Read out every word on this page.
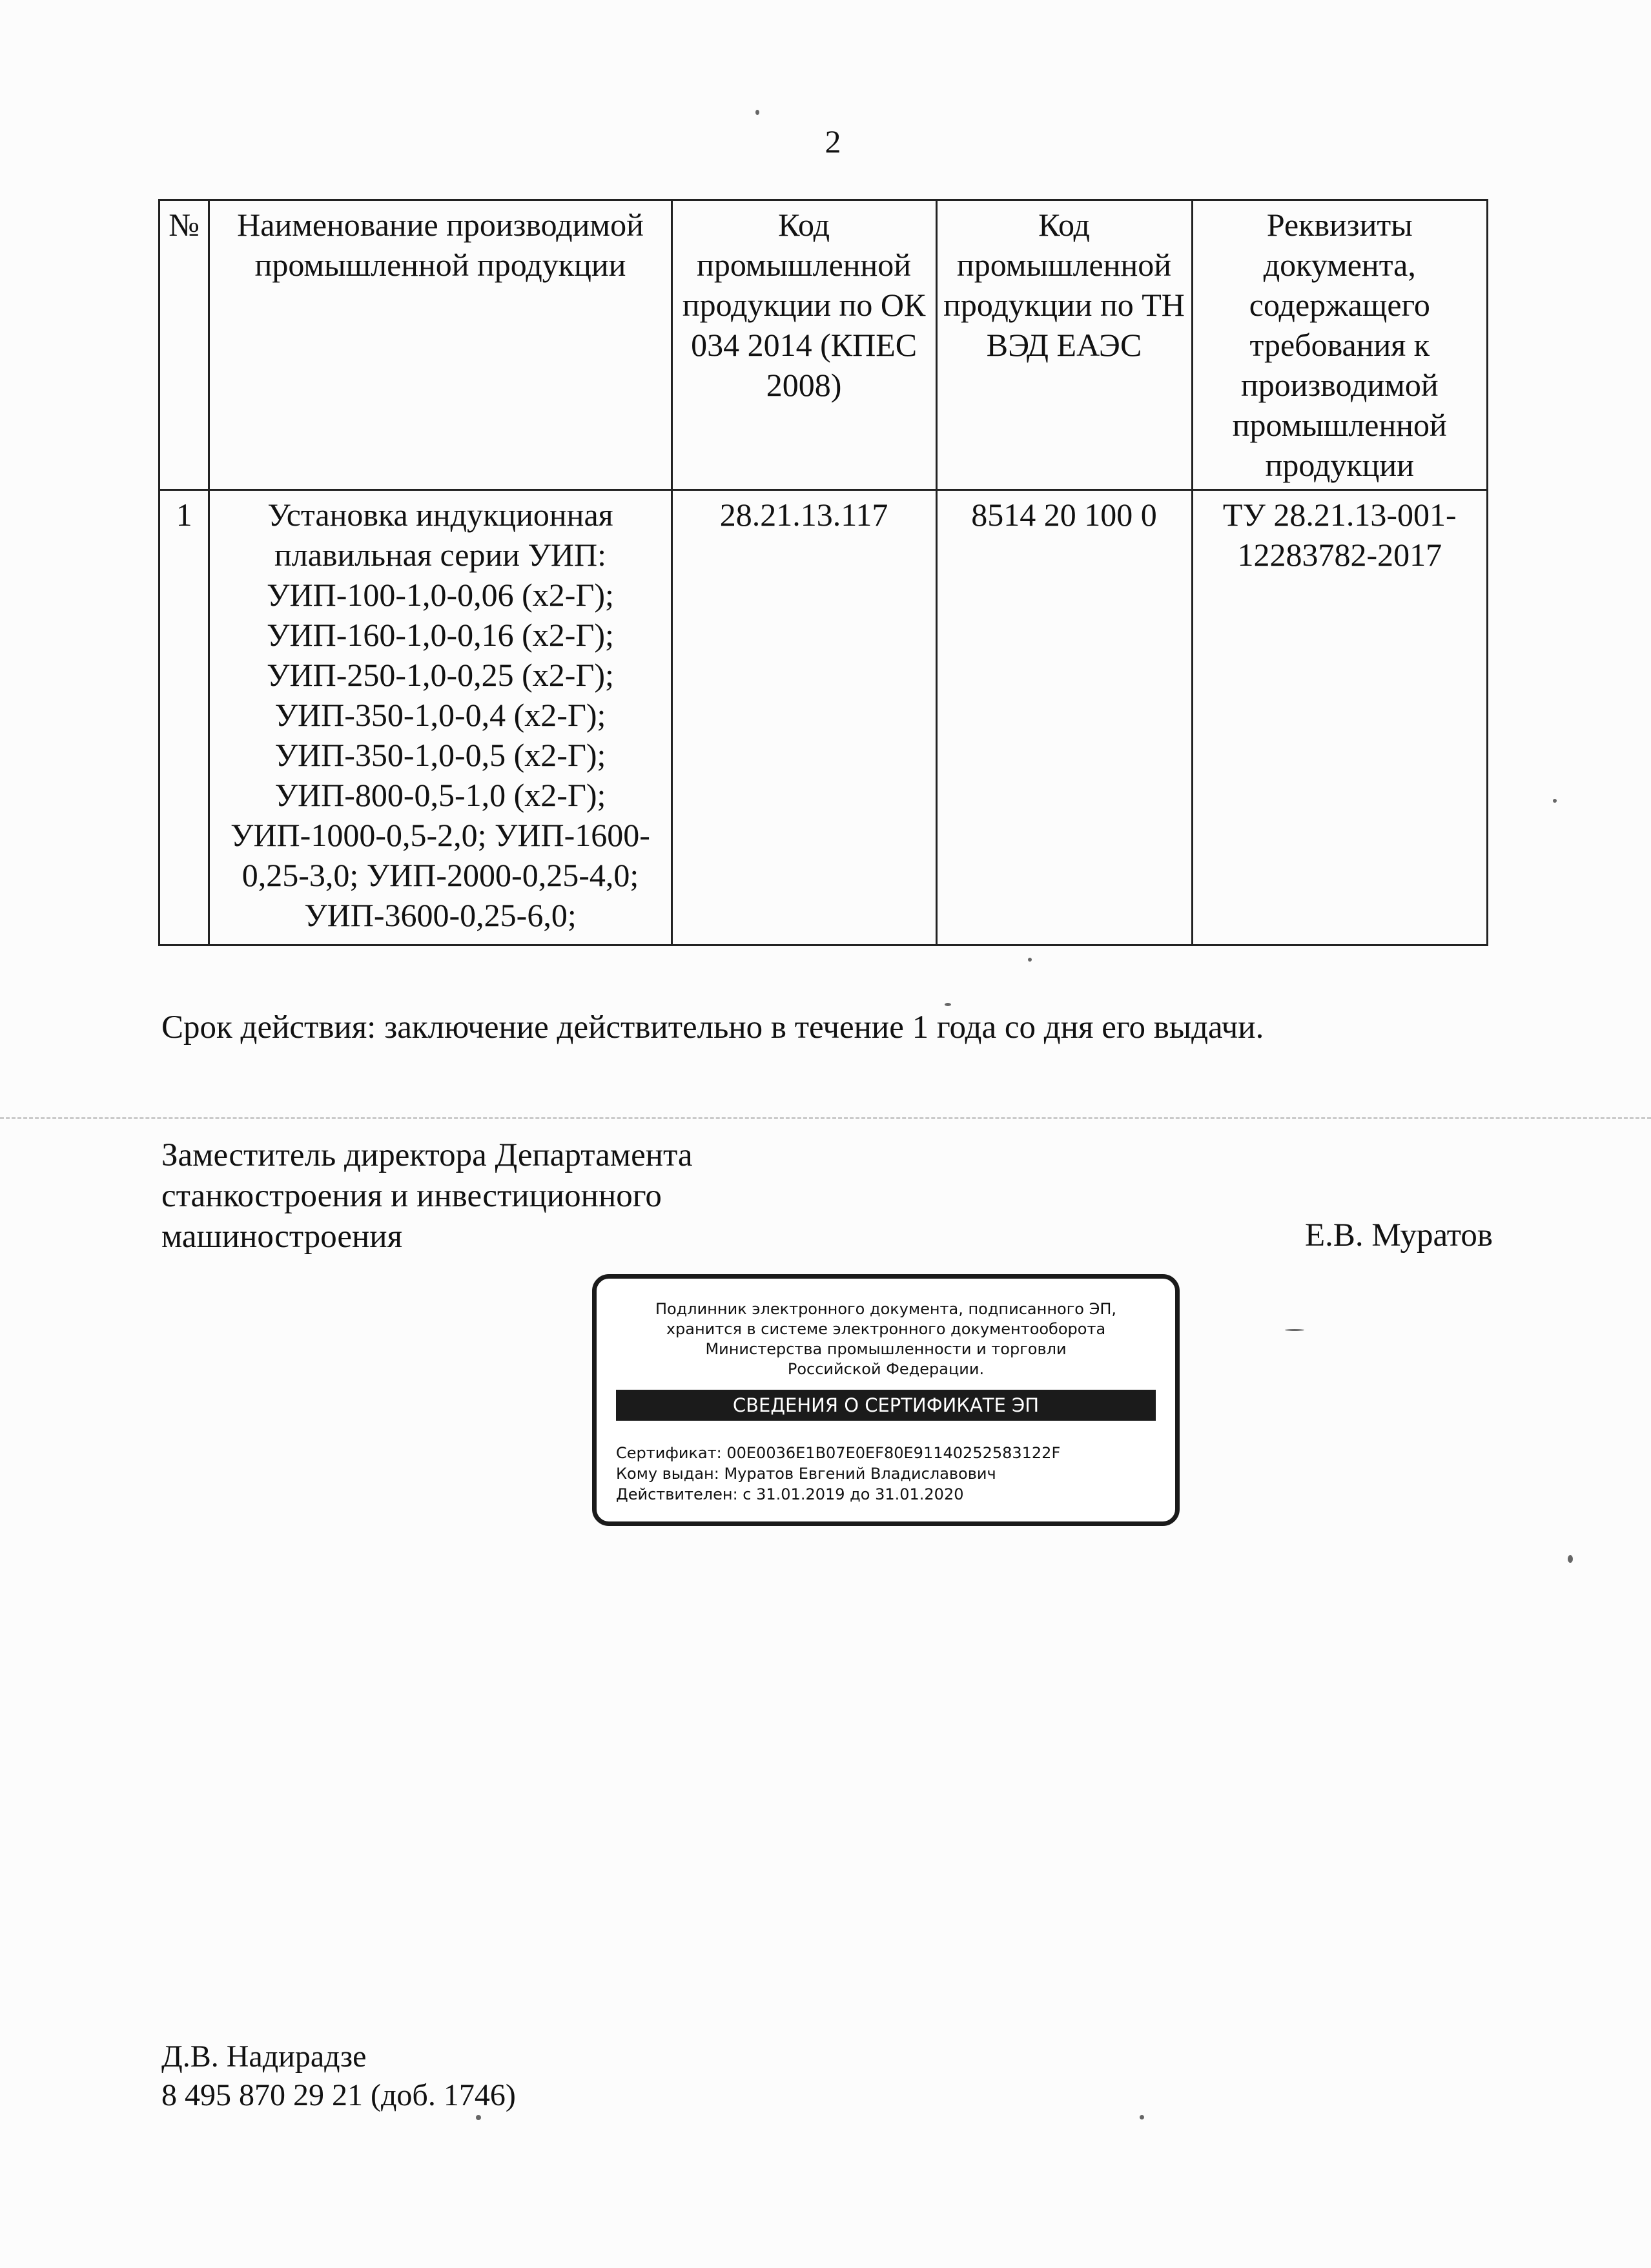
2
№	Наименование производимой промышленной продукции	Код промышленной продукции по ОК 034 2014 (КПЕС 2008)	Код промышленной продукции по ТН ВЭД ЕАЭС	Реквизиты документа, содержащего требования к производимой промышленной продукции
1	Установка индукционная плавильная серии УИП: УИП-100-1,0-0,06 (х2-Г); УИП-160-1,0-0,16 (х2-Г); УИП-250-1,0-0,25 (х2-Г); УИП-350-1,0-0,4 (х2-Г); УИП-350-1,0-0,5 (х2-Г); УИП-800-0,5-1,0 (х2-Г); УИП-1000-0,5-2,0; УИП-1600-0,25-3,0; УИП-2000-0,25-4,0; УИП-3600-0,25-6,0;	28.21.13.117	8514 20 100 0	ТУ 28.21.13-001-12283782-2017
Срок действия: заключение действительно в течение 1 года со дня его выдачи.
Заместитель директора Департамента
станкостроения и инвестиционного
машиностроения	Е.В. Муратов
Подлинник электронного документа, подписанного ЭП,
хранится в системе электронного документооборота
Министерства промышленности и торговли
Российской Федерации.
СВЕДЕНИЯ О СЕРТИФИКАТЕ ЭП
Сертификат: 00E0036E1B07E0EF80E91140252583122F
Кому выдан: Муратов Евгений Владиславович
Действителен: с 31.01.2019 до 31.01.2020
Д.В. Надирадзе
8 495 870 29 21 (доб. 1746)
